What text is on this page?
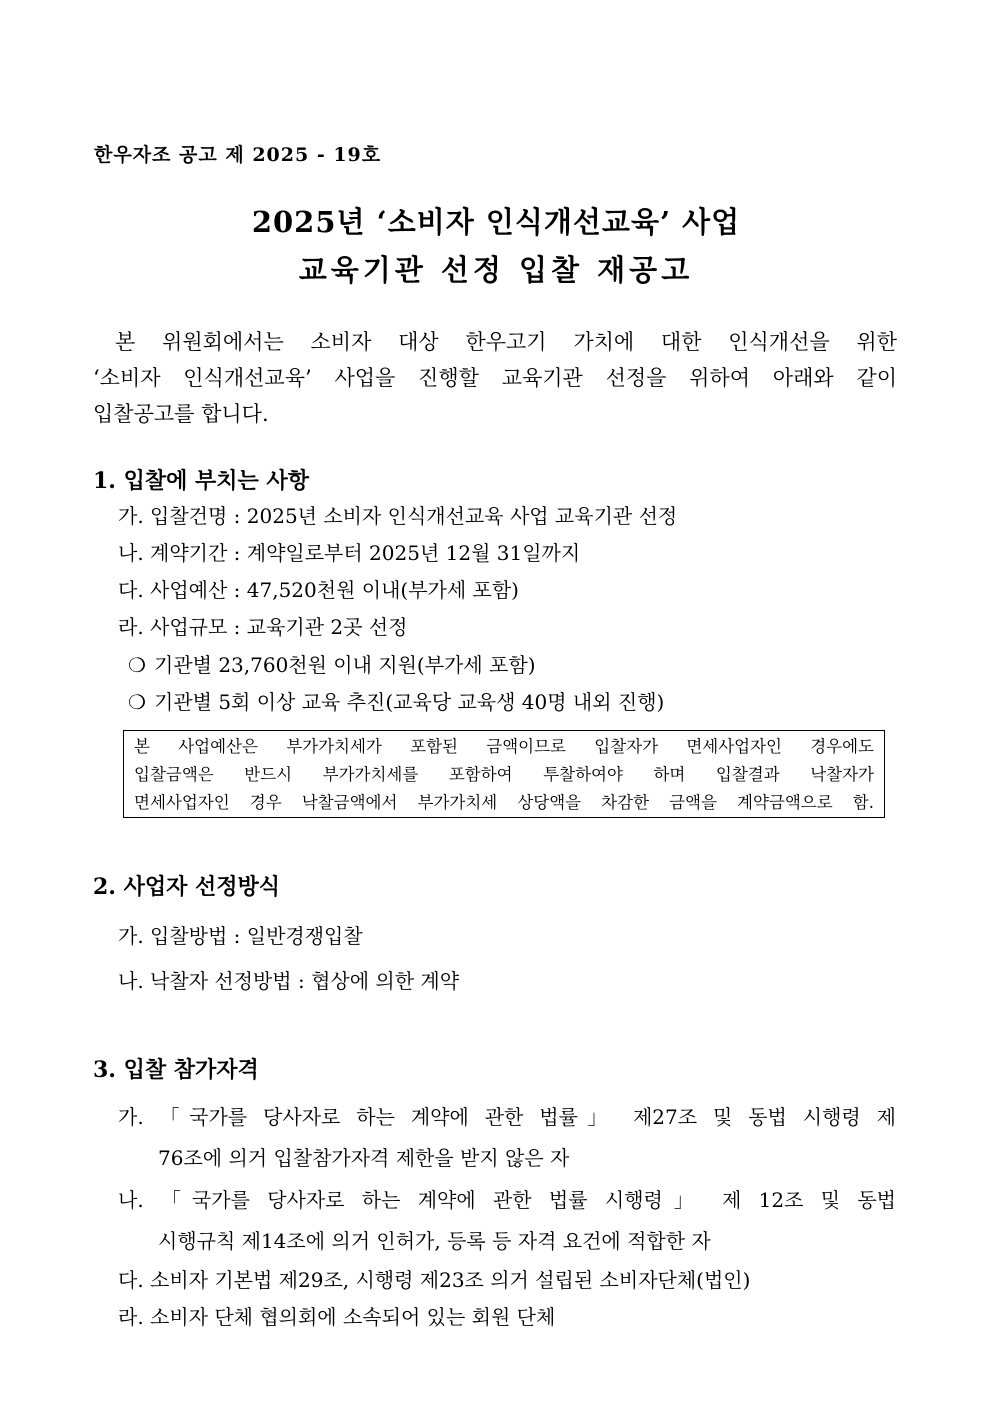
한우자조 공고 제 2025 - 19호
2025년 ‘소비자 인식개선교육’ 사업
교육기관 선정 입찰 재공고

본 위원회에서는 소비자 대상 한우고기 가치에 대한 인식개선을 위한

‘소비자 인식개선교육’ 사업을 진행할 교육기관 선정을 위하여 아래와 같이

입찰공고를 합니다.

1. 입찰에 부치는 사항
가. 입찰건명 : 2025년 소비자 인식개선교육 사업 교육기관 선정
나. 계약기간 : 계약일로부터 2025년 12월 31일까지
다. 사업예산 : 47,520천원 이내(부가세 포함)
라. 사업규모 : 교육기관 2곳 선정
❍ 기관별 23,760천원 이내 지원(부가세 포함)
❍ 기관별 5회 이상 교육 추진(교육당 교육생 40명 내외 진행)

본 사업예산은 부가가치세가 포함된 금액이므로 입찰자가 면세사업자인 경우에도

입찰금액은 반드시 부가가치세를 포함하여 투찰하여야 하며 입찰결과 낙찰자가

면세사업자인 경우 낙찰금액에서 부가가치세 상당액을 차감한 금액을 계약금액으로 함.

2. 사업자 선정방식
가. 입찰방법 : 일반경쟁입찰
나. 낙찰자 선정방법 : 협상에 의한 계약
3. 입찰 참가자격

가. 「국가를 당사자로 하는 계약에 관한 법률」 제27조 및 동법 시행령 제

76조에 의거 입찰참가자격 제한을 받지 않은 자

나. 「국가를 당사자로 하는 계약에 관한 법률 시행령」 제 12조 및 동법

시행규칙 제14조에 의거 인허가, 등록 등 자격 요건에 적합한 자

다. 소비자 기본법 제29조, 시행령 제23조 의거 설립된 소비자단체(법인)
라. 소비자 단체 협의회에 소속되어 있는 회원 단체
